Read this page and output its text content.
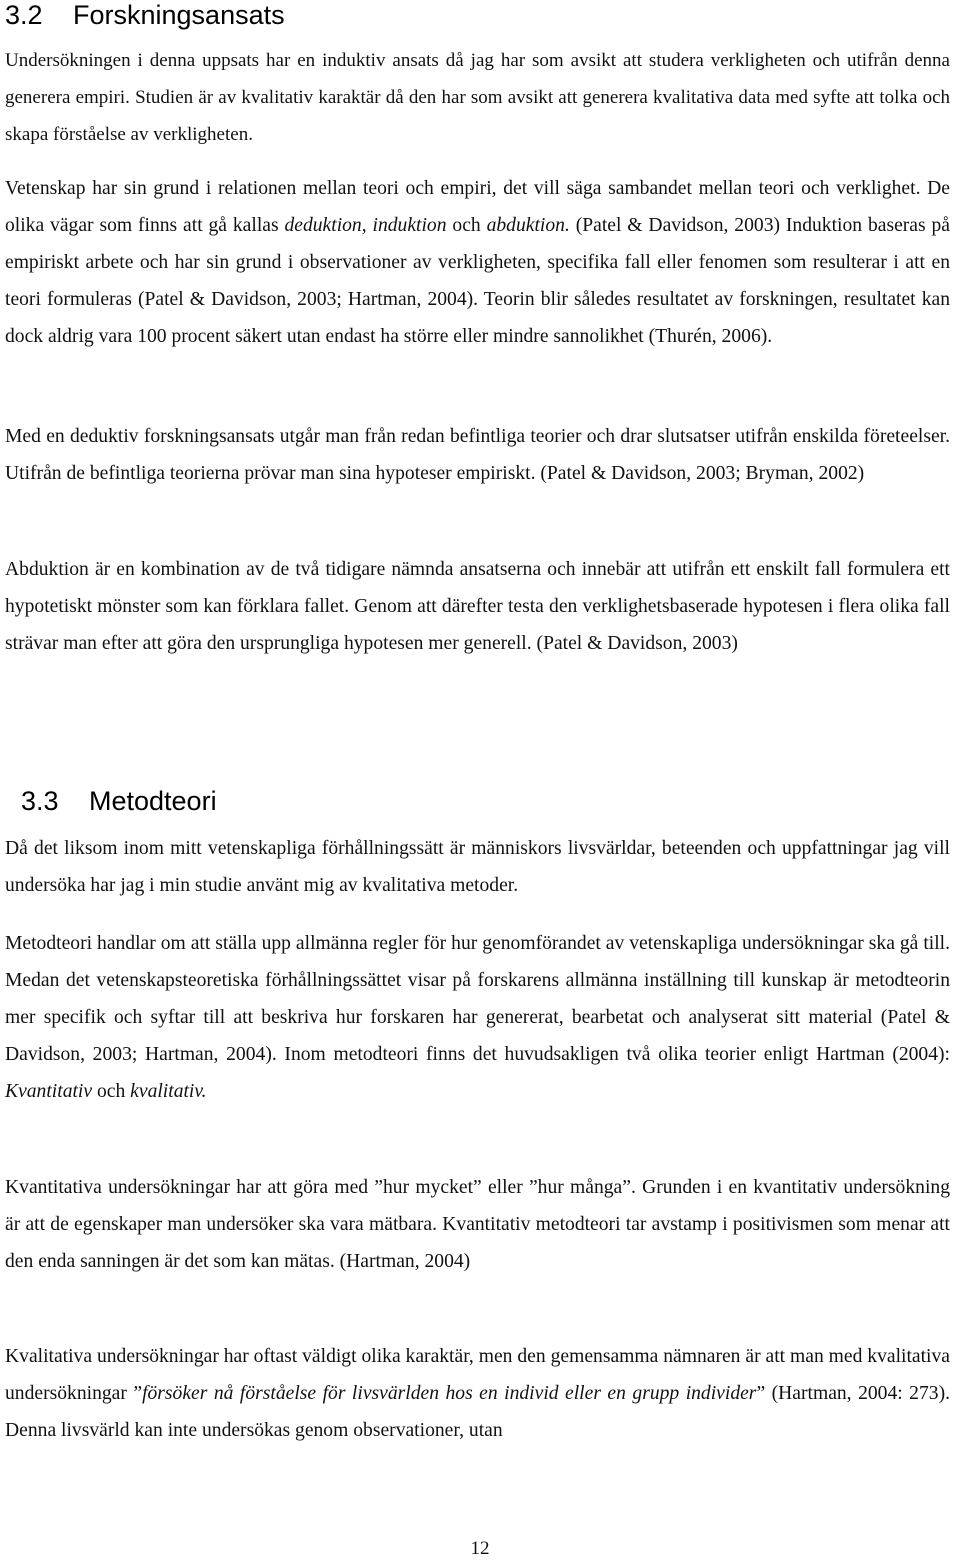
3.2 Forskningsansats

Undersökningen i denna uppsats har en induktiv ansats då jag har som avsikt att studera verkligheten och utifrån denna generera empiri. Studien är av kvalitativ karaktär då den har som avsikt att generera kvalitativa data med syfte att tolka och skapa förståelse av verkligheten.

Vetenskap har sin grund i relationen mellan teori och empiri, det vill säga sambandet mellan teori och verklighet. De olika vägar som finns att gå kallas deduktion, induktion och abduktion. (Patel & Davidson, 2003) Induktion baseras på empiriskt arbete och har sin grund i observationer av verkligheten, specifika fall eller fenomen som resulterar i att en teori formuleras (Patel & Davidson, 2003; Hartman, 2004). Teorin blir således resultatet av forskningen, resultatet kan dock aldrig vara 100 procent säkert utan endast ha större eller mindre sannolikhet (Thurén, 2006).

Med en deduktiv forskningsansats utgår man från redan befintliga teorier och drar slutsatser utifrån enskilda företeelser. Utifrån de befintliga teorierna prövar man sina hypoteser empiriskt. (Patel & Davidson, 2003; Bryman, 2002)

Abduktion är en kombination av de två tidigare nämnda ansatserna och innebär att utifrån ett enskilt fall formulera ett hypotetiskt mönster som kan förklara fallet. Genom att därefter testa den verklighetsbaserade hypotesen i flera olika fall strävar man efter att göra den ursprungliga hypotesen mer generell. (Patel & Davidson, 2003)

3.3 Metodteori

Då det liksom inom mitt vetenskapliga förhållningssätt är människors livsvärldar, beteenden och uppfattningar jag vill undersöka har jag i min studie använt mig av kvalitativa metoder.

Metodteori handlar om att ställa upp allmänna regler för hur genomförandet av vetenskapliga undersökningar ska gå till. Medan det vetenskapsteoretiska förhållningssättet visar på forskarens allmänna inställning till kunskap är metodteorin mer specifik och syftar till att beskriva hur forskaren har genererat, bearbetat och analyserat sitt material (Patel & Davidson, 2003; Hartman, 2004). Inom metodteori finns det huvudsakligen två olika teorier enligt Hartman (2004): Kvantitativ och kvalitativ.

Kvantitativa undersökningar har att göra med ”hur mycket” eller ”hur många”. Grunden i en kvantitativ undersökning är att de egenskaper man undersöker ska vara mätbara. Kvantitativ metodteori tar avstamp i positivismen som menar att den enda sanningen är det som kan mätas. (Hartman, 2004)

Kvalitativa undersökningar har oftast väldigt olika karaktär, men den gemensamma nämnaren är att man med kvalitativa undersökningar ”försöker nå förståelse för livsvärlden hos en individ eller en grupp individer” (Hartman, 2004: 273). Denna livsvärld kan inte undersökas genom observationer, utan

12
